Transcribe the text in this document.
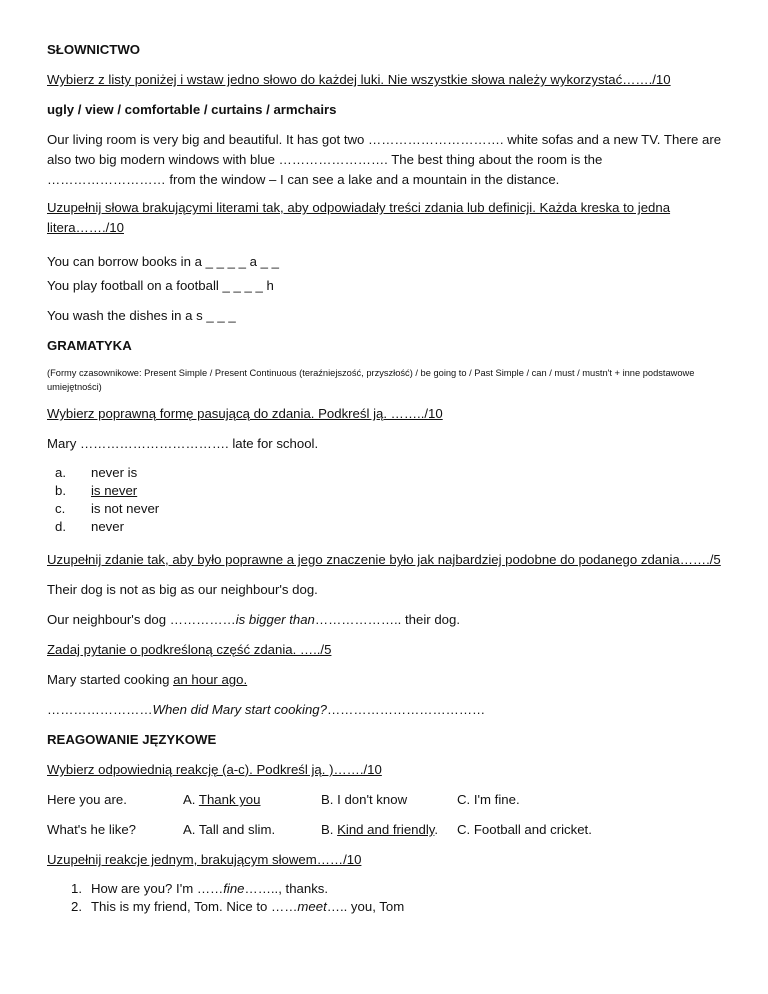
SŁOWNICTWO
Wybierz z listy poniżej i wstaw jedno słowo do każdej luki. Nie wszystkie słowa należy wykorzystać……./10
ugly / view / comfortable / curtains / armchairs
Our living room is very big and beautiful. It has got two …………………………. white sofas and a new TV. There are also two big modern windows with blue ……………………. The best thing about the room is the ……………………… from the window – I can see a lake and a mountain in the distance.
Uzupełnij słowa brakującymi literami tak, aby odpowiadały treści zdania lub definicji. Każda kreska to jedna litera……./10
You can borrow books in a _ _ _ _ a _ _
You play football on a football _ _ _ _ h
You wash the dishes in a s _ _ _
GRAMATYKA
(Formy czasownikowe: Present Simple / Present Continuous (teraźniejszość, przyszłość) / be going to / Past Simple / can / must / mustn't + inne podstawowe umiejętności)
Wybierz poprawną formę pasującą do zdania. Podkreśl ją. ……../10
Mary ……………………………. late for school.
a. never is
b. is never
c. is not never
d. never
Uzupełnij zdanie tak, aby było poprawne a jego znaczenie było jak najbardziej podobne do podanego zdania……./5
Their dog is not as big as our neighbour's dog.
Our neighbour's dog ……………is bigger than……………….. their dog.
Zadaj pytanie o podkreśloną część zdania. …../5
Mary started cooking an hour ago.
……………………When did Mary start cooking?………………………………
REAGOWANIE JĘZYKOWE
Wybierz odpowiednią reakcję (a-c). Podkreśl ją. )……./10
Here you are.	A. Thank you	B. I don't know	C. I'm fine.
What's he like?	A. Tall and slim.	B. Kind and friendly. C. Football and cricket.
Uzupełnij reakcje jednym, brakującym słowem……/10
1. How are you? I'm ……fine…….., thanks.
2. This is my friend, Tom. Nice to ……meet….. you, Tom
